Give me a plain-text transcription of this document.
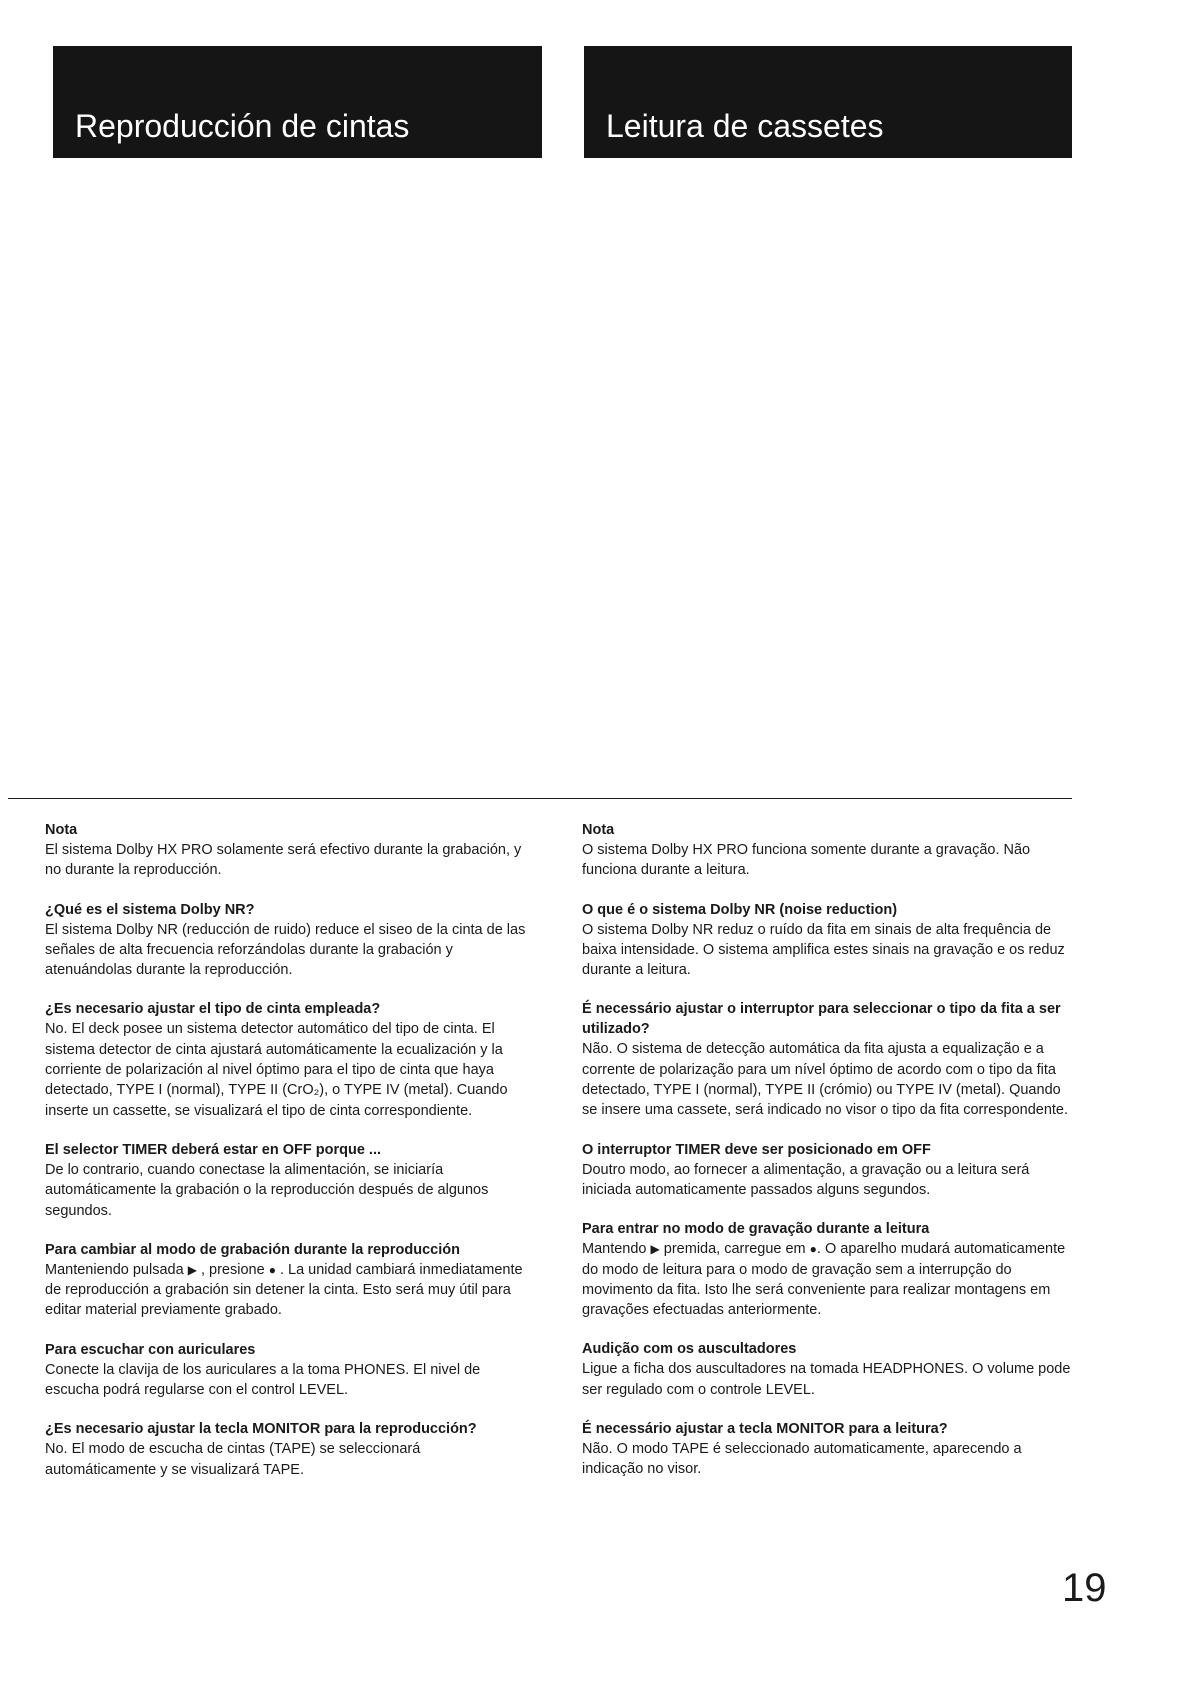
Reproducción de cintas	Leitura de cassetes
Nota

El sistema Dolby HX PRO solamente será efectivo durante la grabación, y no durante la reproducción.

¿Qué es el sistema Dolby NR?

El sistema Dolby NR (reducción de ruido) reduce el siseo de la cinta de las señales de alta frecuencia reforzándolas durante la grabación y atenuándolas durante la reproducción.

¿Es necesario ajustar el tipo de cinta empleada?

No. El deck posee un sistema detector automático del tipo de cinta. El sistema detector de cinta ajustará automáticamente la ecualización y la corriente de polarización al nivel óptimo para el tipo de cinta que haya detectado, TYPE I (normal), TYPE II (CrO₂), o TYPE IV (metal). Cuando inserte un cassette, se visualizará el tipo de cinta correspondiente.

El selector TIMER deberá estar en OFF porque ...

De lo contrario, cuando conectase la alimentación, se iniciaría automáticamente la grabación o la reproducción después de algunos segundos.

Para cambiar al modo de grabación durante la reproducción

Manteniendo pulsada ▶ , presione ● . La unidad cambiará inmediatamente de reproducción a grabación sin detener la cinta. Esto será muy útil para editar material previamente grabado.

Para escuchar con auriculares

Conecte la clavija de los auriculares a la toma PHONES. El nivel de escucha podrá regularse con el control LEVEL.

¿Es necesario ajustar la tecla MONITOR para la reproducción?

No. El modo de escucha de cintas (TAPE) se seleccionará automáticamente y se visualizará TAPE.

Nota

O sistema Dolby HX PRO funciona somente durante a gravação. Não funciona durante a leitura.

O que é o sistema Dolby NR (noise reduction)

O sistema Dolby NR reduz o ruído da fita em sinais de alta frequência de baixa intensidade. O sistema amplifica estes sinais na gravação e os reduz durante a leitura.

É necessário ajustar o interruptor para seleccionar o tipo da fita a ser utilizado?

Não. O sistema de detecção automática da fita ajusta a equalização e a corrente de polarização para um nível óptimo de acordo com o tipo da fita detectado, TYPE I (normal), TYPE II (crómio) ou TYPE IV (metal). Quando se insere uma cassete, será indicado no visor o tipo da fita correspondente.

O interruptor TIMER deve ser posicionado em OFF

Doutro modo, ao fornecer a alimentação, a gravação ou a leitura será iniciada automaticamente passados alguns segundos.

Para entrar no modo de gravação durante a leitura

Mantendo ▶ premida, carregue em ●. O aparelho mudará automaticamente do modo de leitura para o modo de gravação sem a interrupção do movimento da fita. Isto lhe será conveniente para realizar montagens em gravações efectuadas anteriormente.

Audição com os auscultadores

Ligue a ficha dos auscultadores na tomada HEADPHONES. O volume pode ser regulado com o controle LEVEL.

É necessário ajustar a tecla MONITOR para a leitura?

Não. O modo TAPE é seleccionado automaticamente, aparecendo a indicação no visor.

19
